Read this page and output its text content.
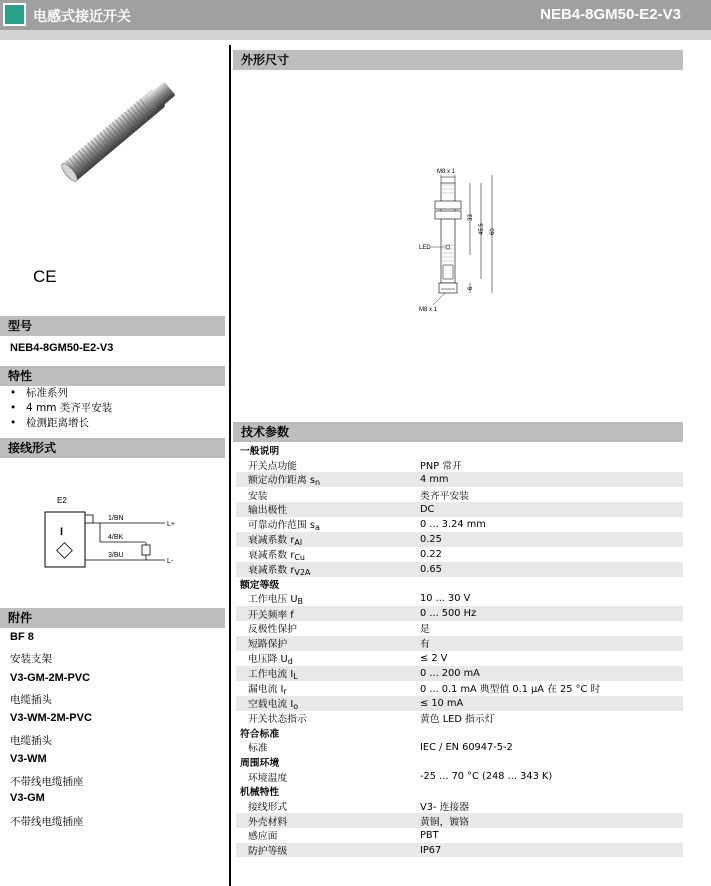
电感式接近开关	NEB4-8GM50-E2-V3
CE
型号
NEB4-8GM50-E2-V3
特性
• 标准系列
• 4 mm 类齐平安装
• 检测距离增长
接线形式
E2
I
1/BN
4/BK
3/BU
L+
L-
附件
BF 8
安装支架
V3-GM-2M-PVC
电缆插头
V3-WM-2M-PVC
电缆插头
V3-WM
不带线电缆插座
V3-GM
不带线电缆插座
外形尺寸
M8 x 1
LED
33
45.5 60
6
M8 x 1
技术参数
一般说明	
开关点功能	PNP 常开
额定动作距离 $s_n$	4 mm
安装	类齐平安装
输出极性	DC
可靠动作范围 $s_a$	0 ... 3.24 mm
衰减系数 $r_{Al}$	0.25
衰减系数 $r_{Cu}$	0.22
衰减系数 $r_{V2A}$	0.65
额定等级	
工作电压 $U_B$	10 ... 30 V
开关频率 f	0 ... 500 Hz
反极性保护	是
短路保护	有
电压降 $U_d$	≤ 2 V
工作电流 $I_L$	0 ... 200 mA
漏电流 $I_r$	0 ... 0.1 mA 典型值 0.1 µA 在 25 °C 时
空载电流 $I_o$	≤ 10 mA
开关状态指示	黄色 LED 指示灯
符合标准	
标准	IEC / EN 60947-5-2
周围环境	
环境温度	-25 ... 70 °C (248 ... 343 K)
机械特性	
接线形式	V3- 连接器
外壳材料	黄铜，镀铬
感应面	PBT
防护等级	IP67
